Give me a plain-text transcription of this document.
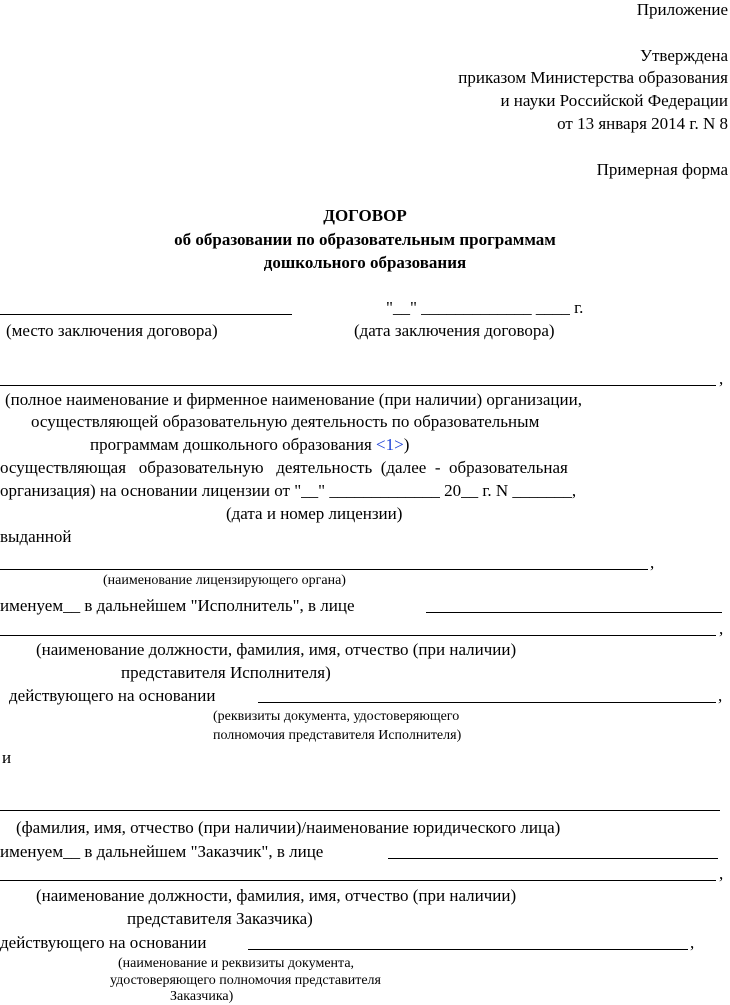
Приложение
Утверждена
приказом Министерства образования
и науки Российской Федерации
от 13 января 2014 г. N 8
Примерная форма
ДОГОВОР
об образовании по образовательным программам
дошкольного образования
"__" _____________ ____ г.
(место заключения договора)	(дата заключения договора)
,
(полное наименование и фирменное наименование (при наличии) организации,
осуществляющей образовательную деятельность по образовательным
программам дошкольного образования <1>)
осуществляющая   образовательную   деятельность  (далее  -  образовательная
организация) на основании лицензии от "__" _____________ 20__ г. N _______,
(дата и номер лицензии)
выданной
,
(наименование лицензирующего органа)
именуем__ в дальнейшем "Исполнитель", в лице
,
(наименование должности, фамилия, имя, отчество (при наличии)
представителя Исполнителя)
действующего на основании	,
(реквизиты документа, удостоверяющего
полномочия представителя Исполнителя)
и
(фамилия, имя, отчество (при наличии)/наименование юридического лица)
именуем__ в дальнейшем "Заказчик", в лице
,
(наименование должности, фамилия, имя, отчество (при наличии)
представителя Заказчика)
действующего на основании	,
(наименование и реквизиты документа,
удостоверяющего полномочия представителя
Заказчика)
